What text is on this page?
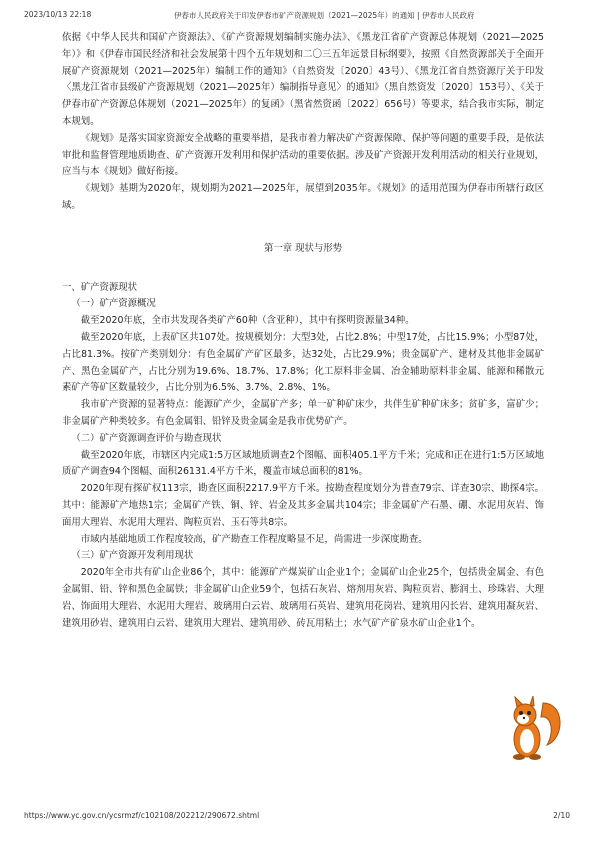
2023/10/13 22:18	伊春市人民政府关于印发伊春市矿产资源规划（2021—2025年）的通知 | 伊春市人民政府

依据《中华人民共和国矿产资源法》、《矿产资源规划编制实施办法》、《黑龙江省矿产资源总体规划（2021—2025年）》和《伊春市国民经济和社会发展第十四个五年规划和二〇三五年远景目标纲要》，按照《自然资源部关于全面开展矿产资源规划（2021—2025年）编制工作的通知》（自然资发〔2020〕43号）、《黑龙江省自然资源厅关于印发〈黑龙江省市县级矿产资源规划（2021—2025年）编制指导意见〉的通知》（黑自然资发〔2020〕153号）、《关于伊春市矿产资源总体规划（2021—2025年）的复函》（黑省然资函〔2022〕656号）等要求，结合我市实际，制定本规划。

《规划》是落实国家资源安全战略的重要举措，是我市着力解决矿产资源保障、保护等问题的重要手段，是依法审批和监督管理地质勘查、矿产资源开发利用和保护活动的重要依据。涉及矿产资源开发利用活动的相关行业规划，应当与本《规划》做好衔接。

《规划》基期为2020年，规划期为2021—2025年，展望到2035年。《规划》的适用范围为伊春市所辖行政区域。

第一章 现状与形势

一、矿产资源现状

（一）矿产资源概况

截至2020年底，全市共发现各类矿产60种（含亚种），其中有探明资源量34种。

截至2020年底，上表矿区共107处。按规模划分：大型3处，占比2.8%；中型17处，占比15.9%；小型87处，占比81.3%。按矿产类别划分：有色金属矿产矿区最多，达32处，占比29.9%；贵金属矿产、建材及其他非金属矿产、黑色金属矿产，占比分别为19.6%、18.7%、17.8%；化工原料非金属、冶金辅助原料非金属、能源和稀散元素矿产等矿区数量较少，占比分别为6.5%、3.7%、2.8%、1%。

我市矿产资源的显著特点：能源矿产少，金属矿产多；单一矿种矿床少，共伴生矿种矿床多；贫矿多，富矿少；非金属矿产种类较多。有色金属钼、铅锌及贵金属金是我市优势矿产。

（二）矿产资源调查评价与勘查现状

截至2020年底，市辖区内完成1:5万区域地质调查2个图幅、面积405.1平方千米；完成和正在进行1:5万区域地质矿产调查94个图幅、面积26131.4平方千米，覆盖市域总面积的81%。

2020年现有探矿权113宗，勘查区面积2217.9平方千米。按勘查程度划分为普查79宗、详查30宗、勘探4宗。其中：能源矿产地热1宗；金属矿产铁、铜、锌、岩金及其多金属共104宗；非金属矿产石墨、硼、水泥用灰岩、饰面用大理岩、水泥用大理岩、陶粒页岩、玉石等共8宗。

市域内基础地质工作程度较高，矿产勘查工作程度略显不足，尚需进一步深度勘查。

（三）矿产资源开发利用现状

2020年全市共有矿山企业86个，其中：能源矿产煤炭矿山企业1个；金属矿山企业25个，包括贵金属金、有色金属钼、铅、锌和黑色金属铁；非金属矿山企业59个，包括石灰岩、熔剂用灰岩、陶粒页岩、膨润土、珍珠岩、大理岩、饰面用大理岩、水泥用大理岩、玻璃用白云岩、玻璃用石英岩、建筑用花岗岩、建筑用闪长岩、建筑用凝灰岩、建筑用砂岩、建筑用白云岩、建筑用大理岩、建筑用砂、砖瓦用粘土；水气矿产矿泉水矿山企业1个。

https://www.yc.gov.cn/ycsrmzf/c102108/202212/290672.shtml	2/10
